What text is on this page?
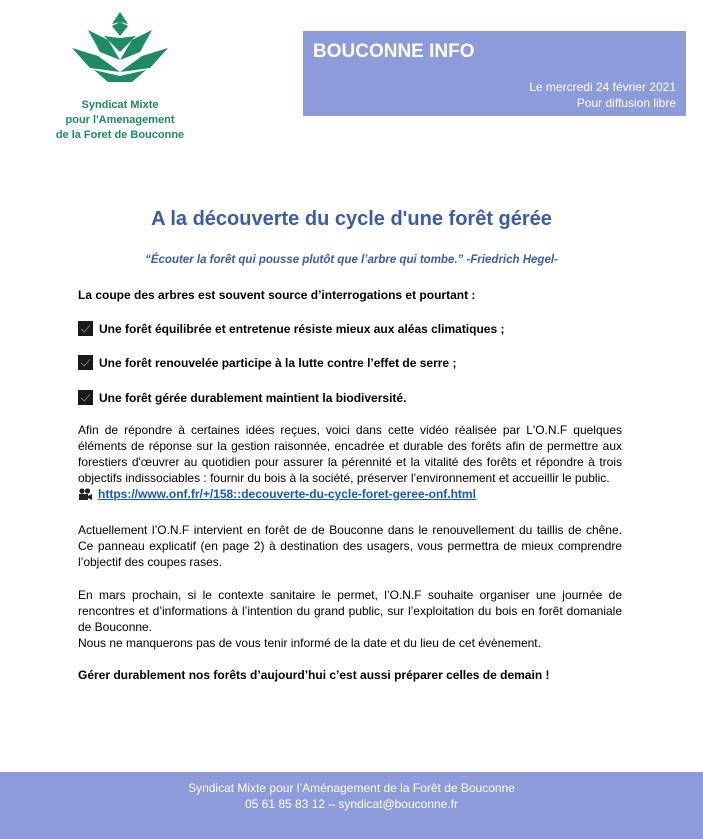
Syndicat Mixte
pour l'Amenagement
de la Foret de Bouconne
BOUCONNE INFO
Le mercredi 24 février 2021
Pour diffusion libre
A la découverte du cycle d'une forêt gérée
“Écouter la forêt qui pousse plutôt que l’arbre qui tombe.” -Friedrich Hegel-
La coupe des arbres est souvent source d’interrogations et pourtant :
Une forêt équilibrée et entretenue résiste mieux aux aléas climatiques ;
Une forêt renouvelée participe à la lutte contre l’effet de serre ;
Une forêt gérée durablement maintient la biodiversité.
Afin de répondre à certaines idées reçues, voici dans cette vidéo réalisée par L'O.N.F quelques éléments de réponse sur la gestion raisonnée, encadrée et durable des forêts afin de permettre aux forestiers d'œuvrer au quotidien pour assurer la pérennité et la vitalité des forêts et répondre à trois objectifs indissociables : fournir du bois à la société, préserver l’environnement et accueillir le public.
https://www.onf.fr/+/158::decouverte-du-cycle-foret-geree-onf.html
Actuellement l’O.N.F intervient en forêt de de Bouconne dans le renouvellement du taillis de chêne. Ce panneau explicatif (en page 2) à destination des usagers, vous permettra de mieux comprendre l’objectif des coupes rases.
En mars prochain, si le contexte sanitaire le permet, l’O.N.F souhaite organiser une journée de rencontres et d’informations à l’intention du grand public, sur l’exploitation du bois en forêt domaniale de Bouconne.
Nous ne manquerons pas de vous tenir informé de la date et du lieu de cet évènement.
Gérer durablement nos forêts d’aujourd’hui c’est aussi préparer celles de demain !
Syndicat Mixte pour l’Aménagement de la Forêt de Bouconne
05 61 85 83 12 – syndicat@bouconne.fr
